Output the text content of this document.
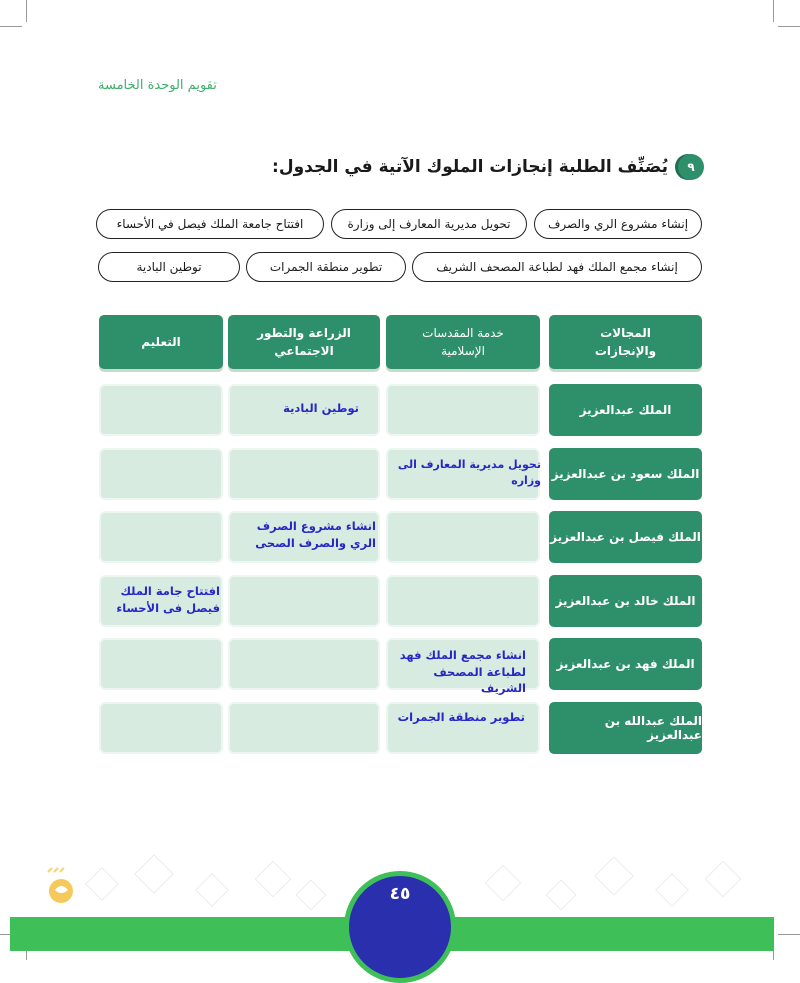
تقويم الوحدة الخامسة
٩
يُصَنِّف الطلبة إنجازات الملوك الآتية في الجدول:
إنشاء مشروع الري والصرف
تحويل مديرية المعارف إلى وزارة
افتتاح جامعة الملك فيصل في الأحساء
إنشاء مجمع الملك فهد لطباعة المصحف الشريف
تطوير منطقة الجمرات
توطين البادية
المجالات والإنجازات
خدمة المقدسات الإسلامية
الزراعة والتطور الاجتماعي
التعليم
الملك عبدالعزيز
الملك سعود بن عبدالعزيز
الملك فيصل بن عبدالعزيز
الملك خالد بن عبدالعزيز
الملك فهد بن عبدالعزيز
الملك عبدالله بن عبدالعزيز
توطين البادية
تحويل مديرية المعارف الى وزاره
انشاء مشروع الصرف الري والصرف الصحى
افتتاح جامة الملك فيصل فى الأحساء
انشاء مجمع الملك فهد لطباعة المصحف الشريف
تطوير منطقة الجمرات
٤٥
